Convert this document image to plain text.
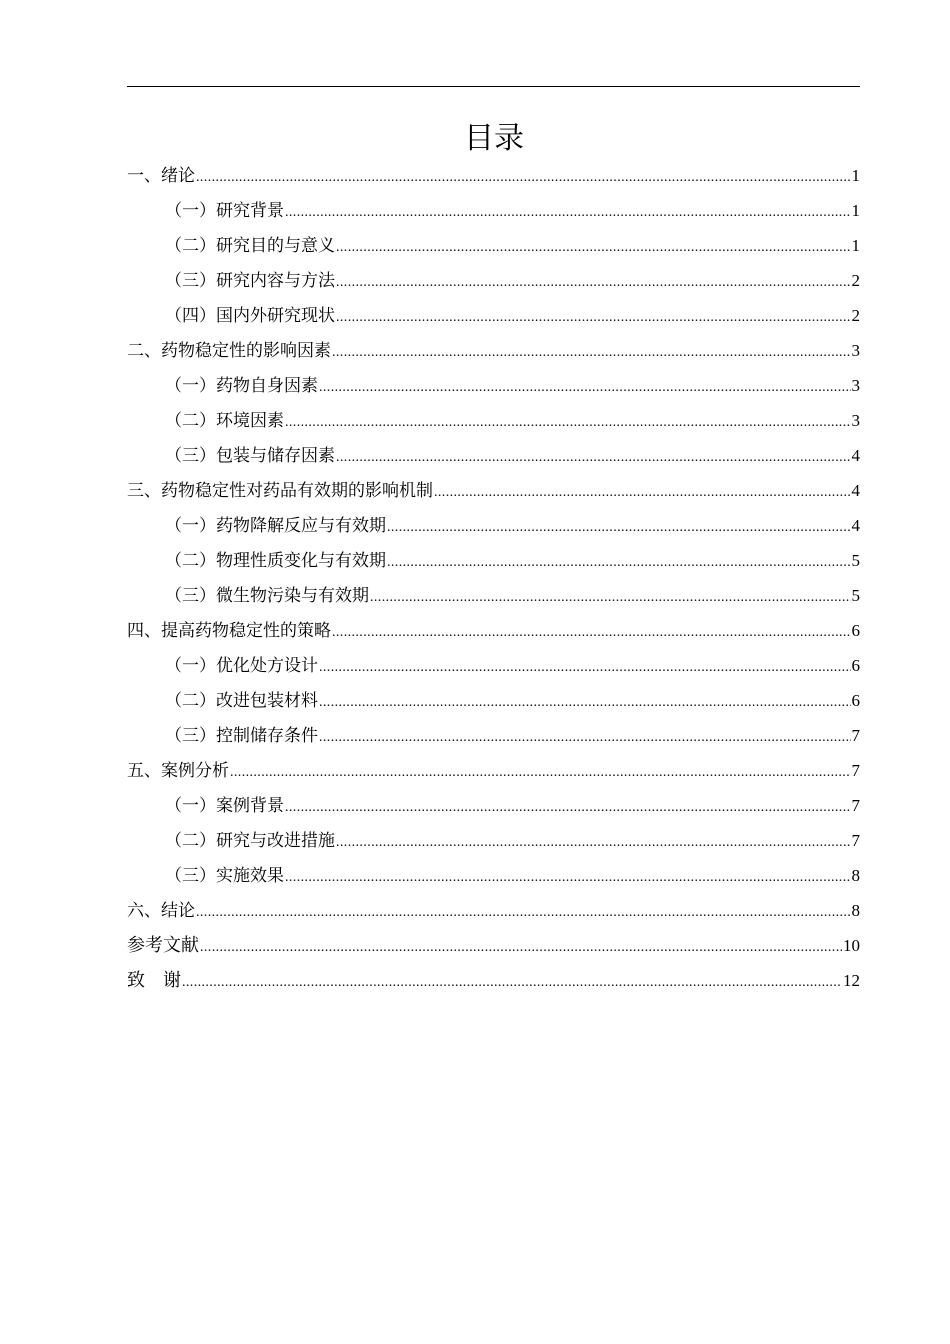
目录
一、绪论 .....	1
（一）研究背景 .....	1
（二）研究目的与意义 .....	1
（三）研究内容与方法 .....	2
（四）国内外研究现状 .....	2
二、药物稳定性的影响因素 .....	3
（一）药物自身因素 .....	3
（二）环境因素 .....	3
（三）包装与储存因素 .....	4
三、药物稳定性对药品有效期的影响机制 .....	4
（一）药物降解反应与有效期 .....	4
（二）物理性质变化与有效期 .....	5
（三）微生物污染与有效期 .....	5
四、提高药物稳定性的策略 .....	6
（一）优化处方设计 .....	6
（二）改进包装材料 .....	6
（三）控制储存条件 .....	7
五、案例分析 .....	7
（一）案例背景 .....	7
（二）研究与改进措施 .....	7
（三）实施效果 .....	8
六、结论 .....	8
参考文献 .....	10
致　谢 .....	12
